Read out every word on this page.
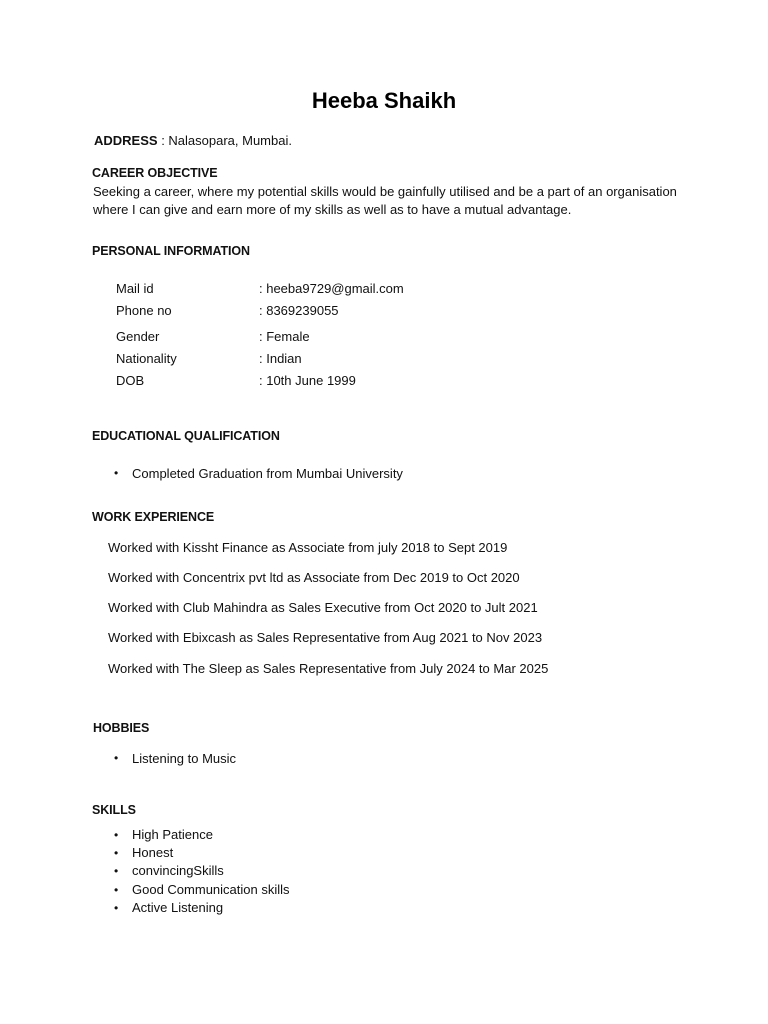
Heeba Shaikh
ADDRESS : Nalasopara, Mumbai.
CAREER OBJECTIVE
Seeking a career, where my potential skills would be gainfully utilised and be a part of an organisation
where I can give and earn more of my skills as well as to have a mutual advantage.
PERSONAL INFORMATION
Mail id	: heeba9729@gmail.com
Phone no	: 8369239055
Gender	: Female
Nationality	: Indian
DOB	: 10th June 1999
EDUCATIONAL QUALIFICATION
• Completed Graduation from Mumbai University
WORK EXPERIENCE
Worked with Kissht Finance as Associate from july 2018 to Sept 2019
Worked with Concentrix pvt ltd as Associate from Dec 2019 to Oct 2020
Worked with Club Mahindra as Sales Executive from Oct 2020 to Jult 2021
Worked with Ebixcash as Sales Representative from Aug 2021 to Nov 2023
Worked with The Sleep as Sales Representative from July 2024 to Mar 2025
HOBBIES
• Listening to Music
SKILLS
• High Patience
• Honest
• convincingSkills
• Good Communication skills
• Active Listening
